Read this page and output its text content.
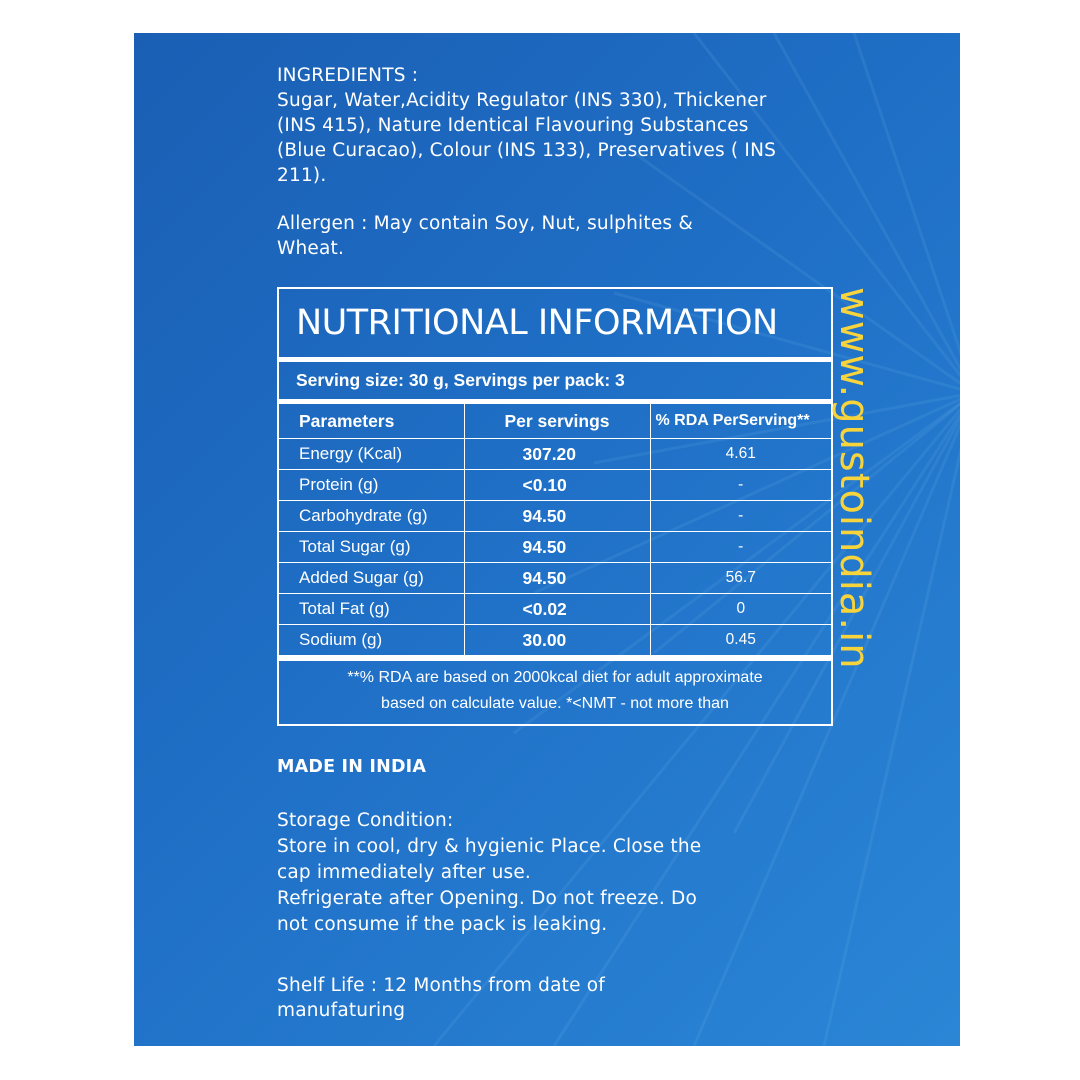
INGREDIENTS :

Sugar, Water,Acidity Regulator (INS 330), Thickener

(INS 415), Nature Identical Flavouring Substances

(Blue Curacao), Colour (INS 133), Preservatives ( INS

211).

Allergen : May contain Soy, Nut, sulphites &

Wheat.

NUTRITIONAL INFORMATION
Serving size: 30 g, Servings per pack: 3
Parameters	Per servings	% RDA PerServing**
Energy (Kcal)	307.20	4.61
Protein (g)	<0.10	-
Carbohydrate (g)	94.50	-
Total Sugar (g)	94.50	-
Added Sugar (g)	94.50	56.7
Total Fat (g)	<0.02	0
Sodium (g)	30.00	0.45
**% RDA are based on 2000kcal diet for adult approximate
based on calculate value. *<NMT - not more than
www.gustoindia.in
MADE IN INDIA

Storage Condition:

Store in cool, dry & hygienic Place. Close the

cap immediately after use.

Refrigerate after Opening. Do not freeze. Do

not consume if the pack is leaking.

Shelf Life : 12 Months from date of

manufaturing
